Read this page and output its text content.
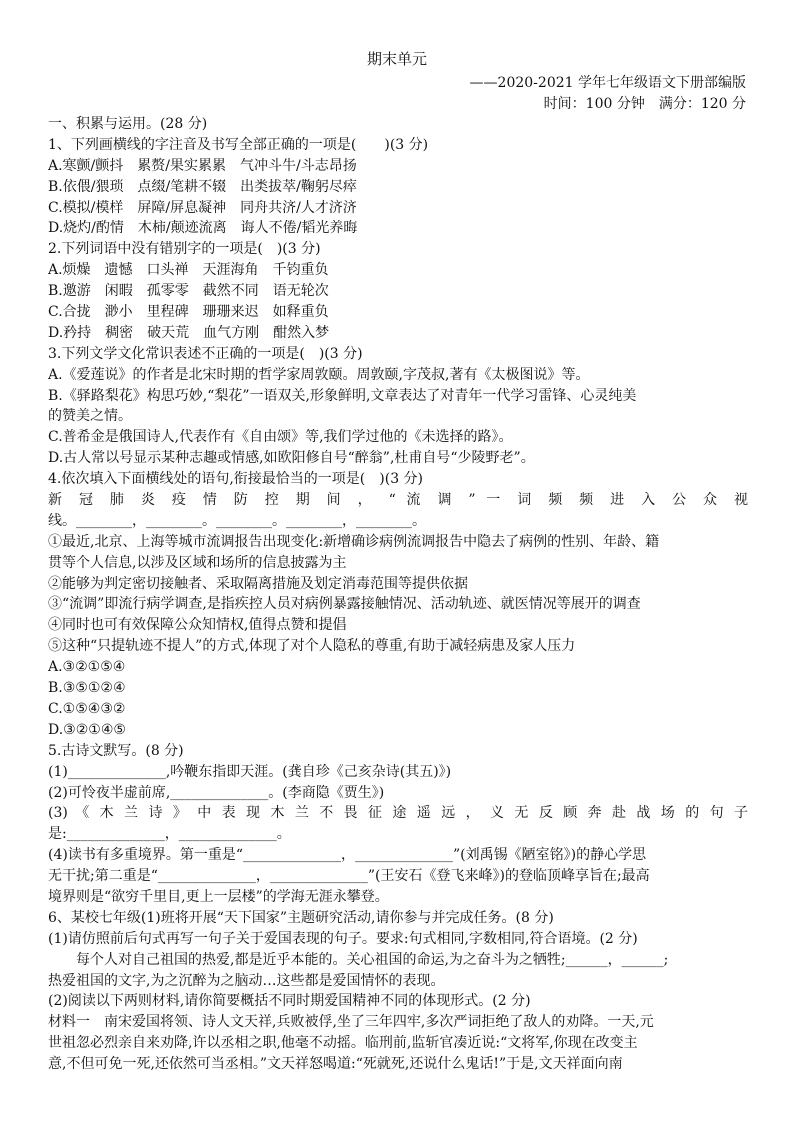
期末单元
——2020-2021 学年七年级语文下册部编版
时间：100 分钟　满分：120 分
一、积累与运用。(28 分)
1、下列画横线的字注音及书写全部正确的一项是(　　)(3 分)
A.寒颤/颤抖　累赘/果实累累　气冲斗牛/斗志昂扬
B.依偎/猥琐　点缀/笔耕不辍　出类拔萃/鞠躬尽瘁
C.模拟/模样　屏障/屏息凝神　同舟共济/人才济济
D.烧灼/酌情　木柿/颠迹流离　诲人不倦/韬光养晦
2.下列词语中没有错别字的一项是(　)(3 分)
A.烦燥　遗憾　口头禅　天涯海角　千钧重负
B.邀游　闲暇　孤零零　截然不同　语无轮次
C.合拢　渺小　里程碑　珊珊来迟　如释重负
D.矜持　稠密　破天荒　血气方刚　酣然入梦
3.下列文学文化常识表述不正确的一项是(　)(3 分)
A.《爱莲说》的作者是北宋时期的哲学家周敦颐。周敦颐,字茂叔,著有《太极图说》等。
B.《驿路梨花》构思巧妙,“梨花”一语双关,形象鲜明,文章表达了对青年一代学习雷锋、心灵纯美
的赞美之情。
C.普希金是俄国诗人,代表作有《自由颂》等,我们学过他的《未选择的路》。
D.古人常以号显示某种志趣或情感,如欧阳修自号“醉翁”,杜甫自号“少陵野老”。
4.依次填入下面横线处的语句,衔接最恰当的一项是(　)(3 分)
新 冠 肺 炎 疫 情 防 控 期 间 ， “ 流 调 ” 一 词 频 频 进 入 公 众 视
线。________，________。________。________，________。
①最近,北京、上海等城市流调报告出现变化:新增确诊病例流调报告中隐去了病例的性别、年龄、籍
贯等个人信息,以涉及区域和场所的信息披露为主
②能够为判定密切接触者、采取隔离措施及划定消毒范围等提供依据
③“流调”即流行病学调查,是指疾控人员对病例暴露接触情况、活动轨迹、就医情况等展开的调查
④同时也可有效保障公众知情权,值得点赞和提倡
⑤这种“只提轨迹不提人”的方式,体现了对个人隐私的尊重,有助于减轻病患及家人压力
A.③②①⑤④
B.③⑤①②④
C.①⑤④③②
D.③②①④⑤
5.古诗文默写。(8 分)
(1)______________,吟鞭东指即天涯。(龚自珍《己亥杂诗(其五)》)
(2)可怜夜半虚前席,______________。(李商隐《贾生》)
(3) 《 木 兰 诗 》 中 表 现 木 兰 不 畏 征 途 遥 远 ， 义 无 反 顾 奔 赴 战 场 的 句 子
是:______________，______________。
(4)读书有多重境界。第一重是“______________，______________”(刘禹锡《陋室铭》)的静心学思
无干扰;第二重是“______________，______________”(王安石《登飞来峰》)的登临顶峰享旨在;最高
境界则是“欲穷千里目,更上一层楼”的学海无涯永攀登。
6、某校七年级(1)班将开展“天下国家”主题研究活动,请你参与并完成任务。(8 分)
(1)请仿照前后句式再写一句子关于爱国表现的句子。要求:句式相同,字数相同,符合语境。(2 分)
每个人对自己祖国的热爱,都是近乎本能的。关心祖国的命运,为之奋斗为之牺牲;______，______;
热爱祖国的文字,为之沉醉为之脑动…这些都是爱国情怀的表现。
(2)阅读以下两则材料,请你简要概括不同时期爱国精神不同的体现形式。(2 分)
材料一　南宋爱国将领、诗人文天祥,兵败被俘,坐了三年四牢,多次严词拒绝了敌人的劝降。一天,元
世祖忽必烈亲自来劝降,许以丞相之职,他毫不动摇。临刑前,监斩官凑近说:“文将军,你现在改变主
意,不但可免一死,还依然可当丞相。”文天祥怒喝道:“死就死,还说什么鬼话!”于是,文天祥面向南
